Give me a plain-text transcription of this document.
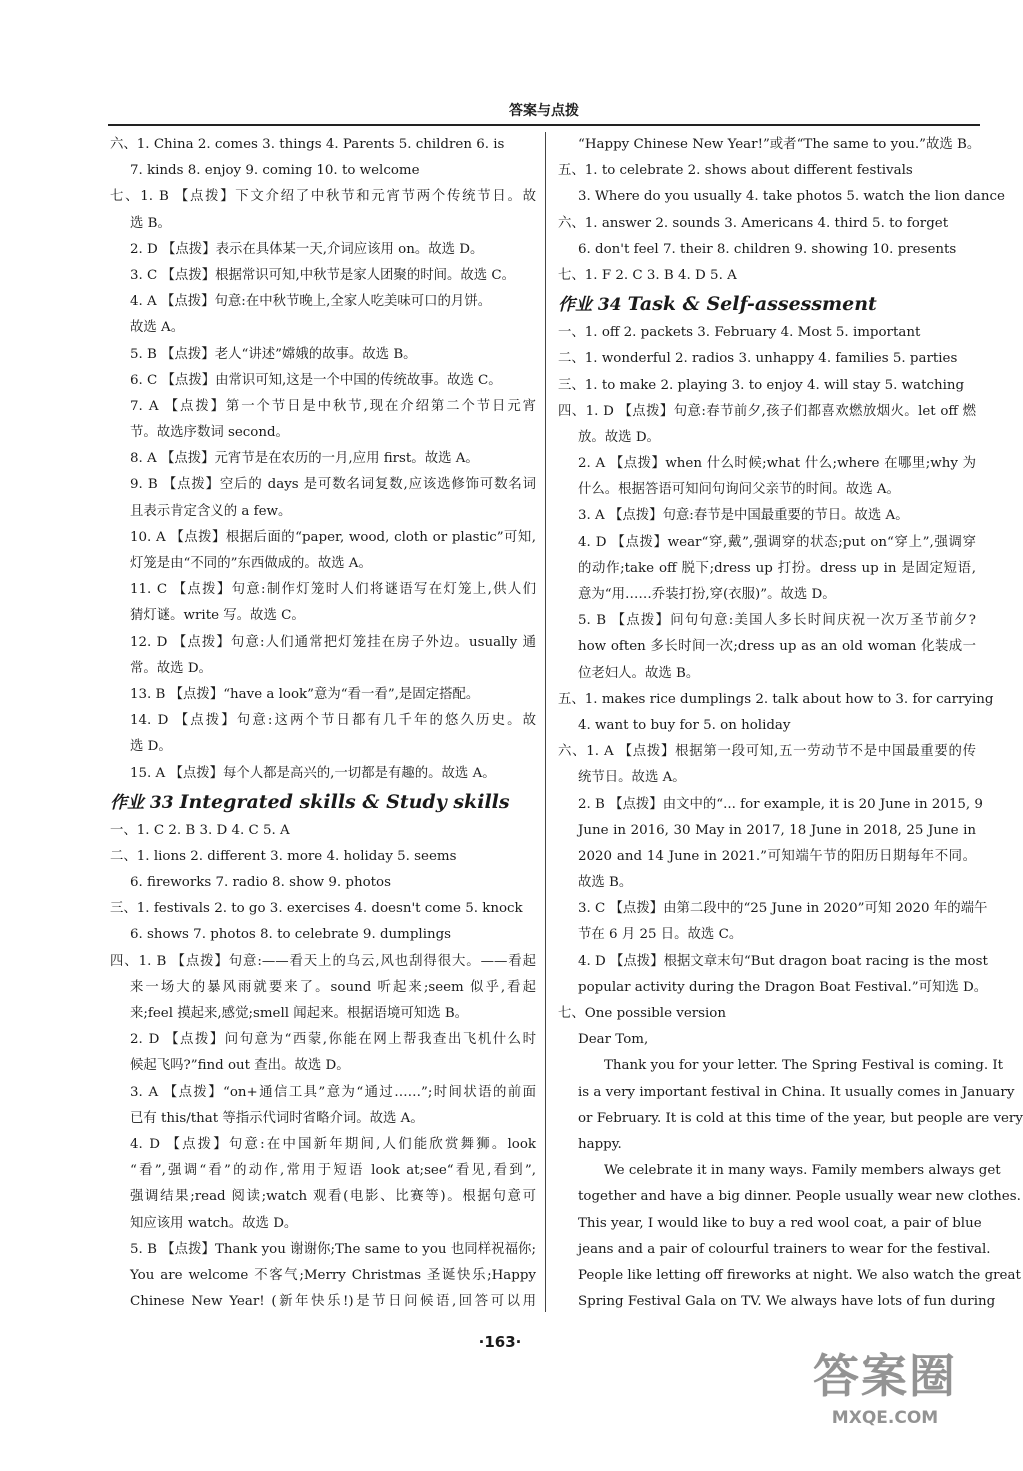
答案与点拨
六、1. China 2. comes 3. things 4. Parents 5. children 6. is
7. kinds 8. enjoy 9. coming 10. to welcome
七、1. B 【点拨】下文介绍了中秋节和元宵节两个传统节日。故
选 B。
2. D 【点拨】表示在具体某一天,介词应该用 on。故选 D。
3. C 【点拨】根据常识可知,中秋节是家人团聚的时间。故选 C。
4. A 【点拨】句意:在中秋节晚上,全家人吃美味可口的月饼。
故选 A。
5. B 【点拨】老人“讲述”嫦娥的故事。故选 B。
6. C 【点拨】由常识可知,这是一个中国的传统故事。故选 C。
7. A 【点拨】第一个节日是中秋节,现在介绍第二个节日元宵
节。故选序数词 second。
8. A 【点拨】元宵节是在农历的一月,应用 first。故选 A。
9. B 【点拨】空后的 days 是可数名词复数,应该选修饰可数名词
且表示肯定含义的 a few。
10. A 【点拨】根据后面的“paper, wood, cloth or plastic”可知,
灯笼是由“不同的”东西做成的。故选 A。
11. C 【点拨】句意:制作灯笼时人们将谜语写在灯笼上,供人们
猜灯谜。write 写。故选 C。
12. D 【点拨】句意:人们通常把灯笼挂在房子外边。usually 通
常。故选 D。
13. B 【点拨】“have a look”意为“看一看”,是固定搭配。
14. D 【点拨】句意:这两个节日都有几千年的悠久历史。故
选 D。
15. A 【点拨】每个人都是高兴的,一切都是有趣的。故选 A。
作业 33 Integrated skills & Study skills
一、1. C 2. B 3. D 4. C 5. A
二、1. lions 2. different 3. more 4. holiday 5. seems
6. fireworks 7. radio 8. show 9. photos
三、1. festivals 2. to go 3. exercises 4. doesn't come 5. knock
6. shows 7. photos 8. to celebrate 9. dumplings
四、1. B 【点拨】句意:——看天上的乌云,风也刮得很大。——看起
来一场大的暴风雨就要来了。sound 听起来;seem 似乎,看起
来;feel 摸起来,感觉;smell 闻起来。根据语境可知选 B。
2. D 【点拨】问句意为“西蒙,你能在网上帮我查出飞机什么时
候起飞吗?”find out 查出。故选 D。
3. A 【点拨】“on+通信工具”意为“通过……”;时间状语的前面
已有 this/that 等指示代词时省略介词。故选 A。
4. D 【点拨】句意:在中国新年期间,人们能欣赏舞狮。look
“看”,强调“看”的动作,常用于短语 look at;see“看见,看到”,
强调结果;read 阅读;watch 观看(电影、比赛等)。根据句意可
知应该用 watch。故选 D。
5. B 【点拨】Thank you 谢谢你;The same to you 也同样祝福你;
You are welcome 不客气;Merry Christmas 圣诞快乐;Happy
Chinese New Year! (新年快乐!)是节日问候语,回答可以用
“Happy Chinese New Year!”或者“The same to you.”故选 B。
五、1. to celebrate 2. shows about different festivals
3. Where do you usually 4. take photos 5. watch the lion dance
六、1. answer 2. sounds 3. Americans 4. third 5. to forget
6. don't feel 7. their 8. children 9. showing 10. presents
七、1. F 2. C 3. B 4. D 5. A
作业 34 Task & Self-assessment
一、1. off 2. packets 3. February 4. Most 5. important
二、1. wonderful 2. radios 3. unhappy 4. families 5. parties
三、1. to make 2. playing 3. to enjoy 4. will stay 5. watching
四、1. D 【点拨】句意:春节前夕,孩子们都喜欢燃放烟火。let off 燃
放。故选 D。
2. A 【点拨】when 什么时候;what 什么;where 在哪里;why 为
什么。根据答语可知问句询问父亲节的时间。故选 A。
3. A 【点拨】句意:春节是中国最重要的节日。故选 A。
4. D 【点拨】wear“穿,戴”,强调穿的状态;put on“穿上”,强调穿
的动作;take off 脱下;dress up 打扮。dress up in 是固定短语,
意为“用……乔装打扮,穿(衣服)”。故选 D。
5. B 【点拨】问句句意:美国人多长时间庆祝一次万圣节前夕?
how often 多长时间一次;dress up as an old woman 化装成一
位老妇人。故选 B。
五、1. makes rice dumplings 2. talk about how to 3. for carrying
4. want to buy for 5. on holiday
六、1. A 【点拨】根据第一段可知,五一劳动节不是中国最重要的传
统节日。故选 A。
2. B 【点拨】由文中的“... for example, it is 20 June in 2015, 9
June in 2016, 30 May in 2017, 18 June in 2018, 25 June in
2020 and 14 June in 2021.”可知端午节的阳历日期每年不同。
故选 B。
3. C 【点拨】由第二段中的“25 June in 2020”可知 2020 年的端午
节在 6 月 25 日。故选 C。
4. D 【点拨】根据文章末句“But dragon boat racing is the most
popular activity during the Dragon Boat Festival.”可知选 D。
七、One possible version
Dear Tom,
Thank you for your letter. The Spring Festival is coming. It
is a very important festival in China. It usually comes in January
or February. It is cold at this time of the year, but people are very
happy.
We celebrate it in many ways. Family members always get
together and have a big dinner. People usually wear new clothes.
This year, I would like to buy a red wool coat, a pair of blue
jeans and a pair of colourful trainers to wear for the festival.
People like letting off fireworks at night. We also watch the great
Spring Festival Gala on TV. We always have lots of fun during
·163·
答案圈
MXQE.COM
